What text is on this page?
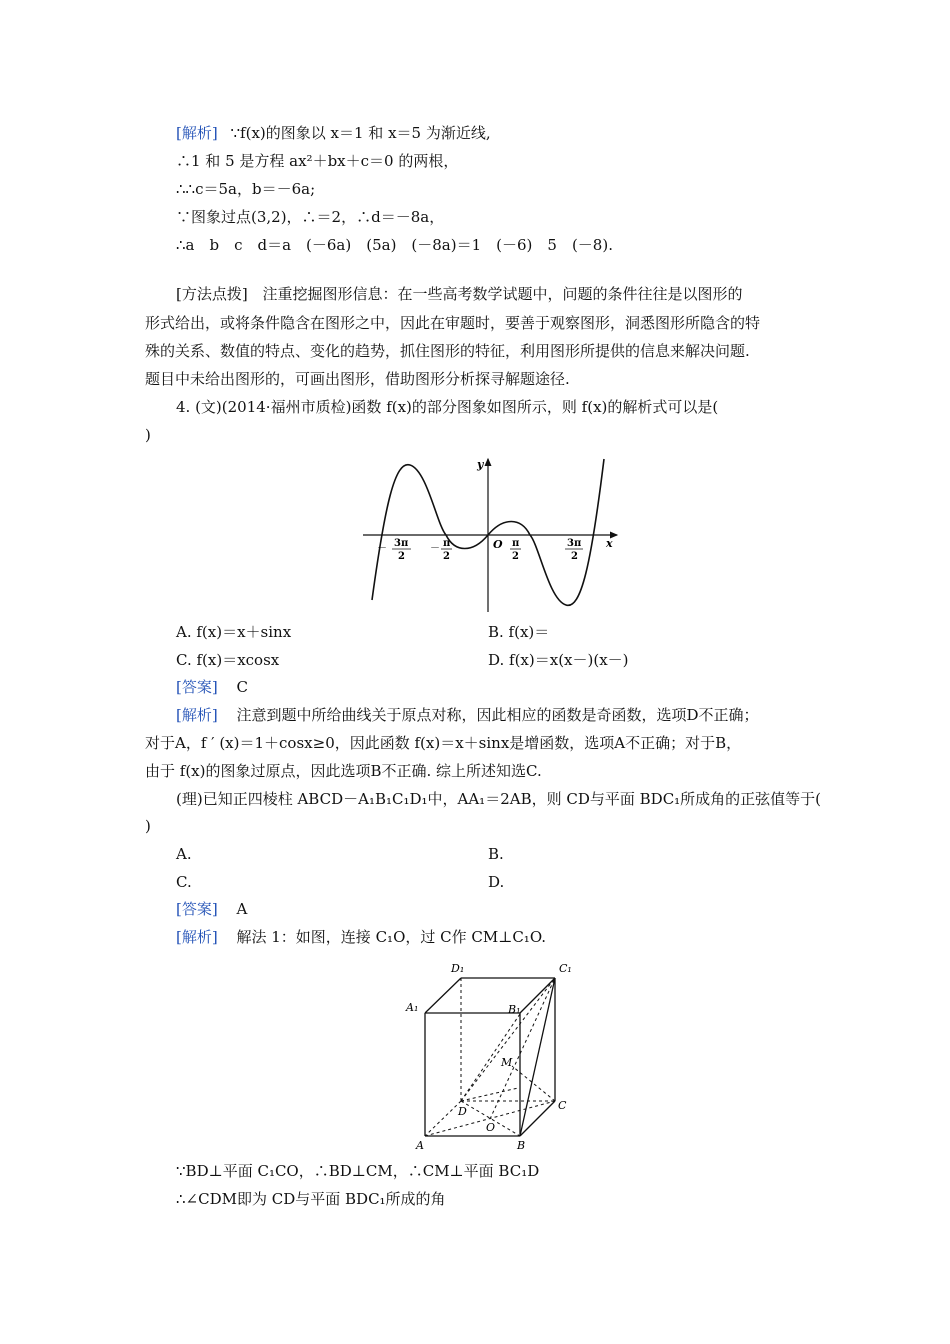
[解析] ∵f(x)的图象以 x＝1 和 x＝5 为渐近线,
∴1 和 5 是方程 ax²＋bx＋c＝0 的两根，
∴∴c＝5a，b＝－6a;
∵图象过点(3,2)，∴＝2，∴d＝－8a，
∴a　b　c　d＝a　(－6a)　(5a)　(－8a)＝1　(－6)　5　(－8).
[方法点拨] 注重挖掘图形信息：在一些高考数学试题中，问题的条件往往是以图形的
形式给出，或将条件隐含在图形之中，因此在审题时，要善于观察图形，洞悉图形所隐含的特
殊的关系、数值的特点、变化的趋势，抓住图形的特征，利用图形所提供的信息来解决问题.
题目中未给出图形的，可画出图形，借助图形分析探寻解题途径.
4. (文)(2014·福州市质检)函数 f(x)的部分图象如图所示，则 f(x)的解析式可以是(
)
y
x
O
－ 3π
2
－ π
2
π
2
3π
2
A. f(x)＝x＋sinx	B. f(x)＝
C. f(x)＝xcosx	D. f(x)＝x(x－)(x－)
[答案] C
[解析] 注意到题中所给曲线关于原点对称，因此相应的函数是奇函数，选项D不正确；
对于A，f ′ (x)＝1＋cosx≥0，因此函数 f(x)＝x＋sinx是增函数，选项A不正确；对于B，
由于 f(x)的图象过原点，因此选项B不正确. 综上所述知选C.
(理)已知正四棱柱 ABCD－A₁B₁C₁D₁中，AA₁＝2AB，则 CD与平面 BDC₁所成角的正弦值等于(
)
A.	B.
C.	D.
[答案] A
[解析] 解法 1：如图，连接 C₁O，过 C作 CM⊥C₁O.
D₁	C₁
A₁	B₁
M
D	C
O
A	B
∵BD⊥平面 C₁CO，∴BD⊥CM，∴CM⊥平面 BC₁D
∴∠CDM即为 CD与平面 BDC₁所成的角
